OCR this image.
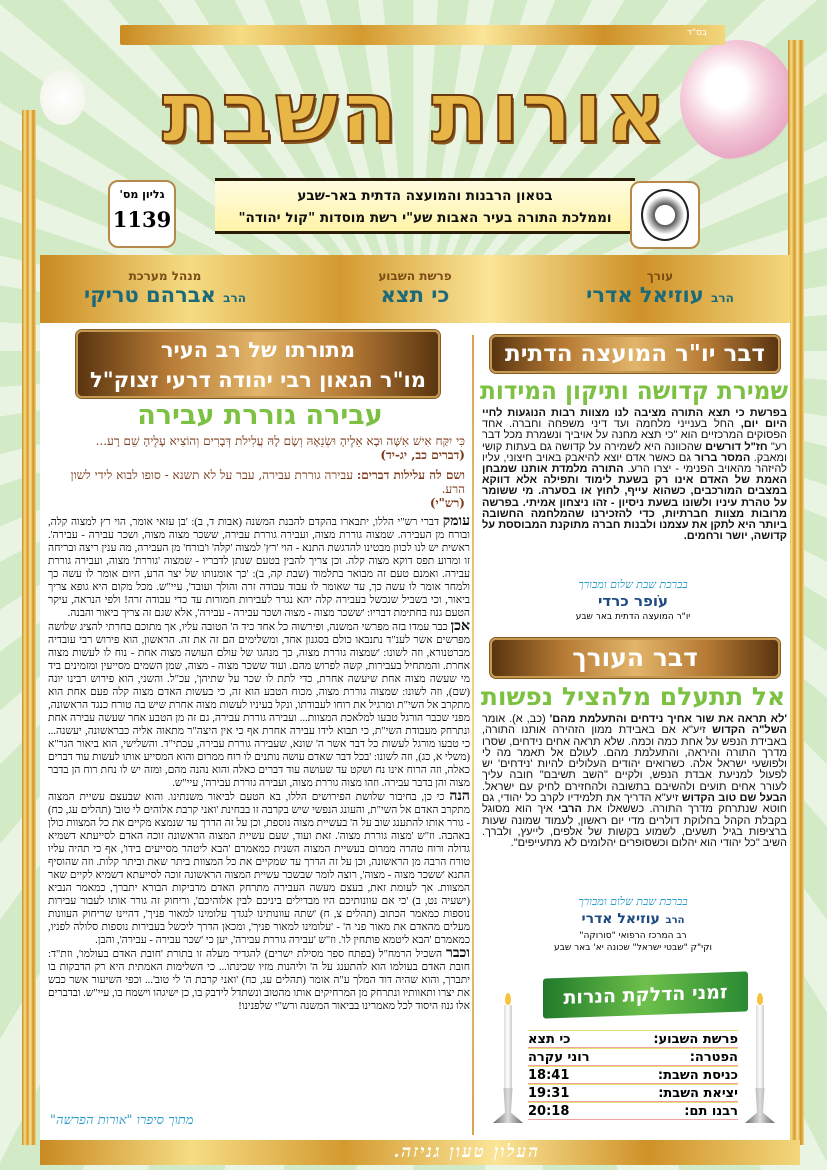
בס"ד
אורות השבת
בטאון הרבנות והמועצה הדתית באר-שבע
וממלכת התורה בעיר האבות שע"י רשת מוסדות "קול יהודה"
גליון מס'
1139
עורך
הרב עוזיאל אדרי
פרשת השבוע
כי תצא
מנהל מערכת
הרב אברהם טריקי
מתורתו של רב העיר
מו"ר הגאון רבי יהודה דרעי זצוק"ל
עבירה גוררת עבירה
כִּי יִקַּח אִישׁ אִשָּׁה וּבָא אֵלֶיהָ וּשְׂנֵאָהּ וְשָׂם לָהּ עֲלִילֹת דְּבָרִים וְהוֹצִיא עָלֶיהָ שֵׁם רָע...
(דברים כב, יג-יד)
ושם לה עלילות דברים: עבירה גוררת עבירה, עבר על לא תשנא - סופו לבוא לידי לשון הרע.
(רש"י)

עומק דברי רש"י הללו, יתבארו בהקדם להבנת המשנה (אבות ד, ב): 'בן עזאי אומר, הוי רץ למצוה קלה, ובורח מן העבירה. שמצוה גוררת מצוה, ועבירה גוררת עבירה, ששכר מצוה מצוה, ושכר עבירה - עבירה'. ראשית יש לנו לכוון מבטינו להדגשת התנא - הוי 'רץ' למצוה 'קלה' ו'בורח' מן העבירה, מה ענין ריצה ובריחה זו ומדוע תפס דוקא מצוה קלה. וכן צריך להבין בטעם שנתן לדבריו - שמצוה 'גוררת' מצוה, ועבירה גוררת עבירה. ואמנם טעם זה מבואר בתלמוד (שבת קה, ב): 'כך אומנותו של יצר הרע, היום אומר לו עשה כך ולמחר אומר לו עשה כך, עד שאומר לו עבוד עבודה זרה והולך ועובד', עיי"ש. מכל מקום היא גופא צריך ביאור, וכי בשביל שנכשל בעבירה קלה יהא נגרר לעבירות חמורות עד כדי עבודה זרה! ולפי הנראה, עיקר הטעם גנוז בחתימת דבריו: 'ששכר מצוה - מצוה ושכר עבירה - עבירה', אלא שגם זה צריך ביאור והבנה.

אכן כבר עמדו בזה מפרשי המשנה, ופירשוה כל אחד כיד ה' הטובה עליו, אך מתוכם בחרתי להציג שלושה מפרשים אשר לענ"ד נתנבאו כולם בסגנון אחד, ומשלימים הם זה את זה. הראשון, הוא פירוש רבי עובדיה מברטנורא, וזה לשונו: 'שמצוה גוררת מצוה, כך מנהגו של עולם העושה מצוה אחת - נוח לו לעשות מצוה אחרת. והמתחיל בעבירות, קשה לפרוש מהם. ועוד ששכר מצוה - מצוה, שמן השמים מסייעין ומזמינים ביד מי שעשה מצוה אחת שיעשה אחרת, כדי לתת לו שכר על שתיהן', עכ"ל. והשני, הוא פירוש רבינו יונה (שם), וזה לשונו: שמצוה גוררת מצוה, מכוח הטבע הוא זה, כי בעשות האדם מצוה קלה פעם אחת הוא מתקרב אל השי"ת ומרגיל את רוחו לעבודתו, ונקל בעיניו לעשות מצוה אחרת שיש בה טורח כנגד הראשונה, מפני שכבר הורגל טבעו למלאכת המצוות... ועבירה גוררת עבירה, גם זה מן הטבע אחר שעשה עבירה אחת ונתרחק מעבודת השי"ת, כי תבוא לידו עבירה אחרת אף כי אין היצה"ר מתאוה אליה כבראשונה, יעשנה... כי טבעו מורגל לעשות כל דבר אשר ה' שונא, שעבירה גוררת עבירה, עכתי"ד. והשלישי, הוא ביאור הגר"א (משלי א, כג), וזה לשונו: 'בכל דבר שאדם עושה נותנים לו רוח ממרום והוא המסייע אותו לעשות עוד דברים כאלה, וזה הרוח אינו נח ושקט עד שעושה עוד דברים כאלה והוא נהנה מהם, ומזה יש לו נחת רוח הן בדבר מצוה והן בדבר עבירה. וזהו מצוה גוררת מצוה, ועבירה גוררת עבירה', עיי"ש.

הנה כי כן, בחיבור שלושת הפירושים הללו, בא הטעם לביאור משנתינו. והוא שבעצם עשיית המצוה מתקרב האדם אל השי"ת, והעונג הנפשי שיש בקרבה זו בבחינת 'ואני קרבת אלוהים לי טוב' (תהלים עג, כח) - גורר אותו להתענג שוב על ה' בעשיית מצוה נוספת, וכן על זה הדרך עד שנמצא מקיים את כל המצוות כולן באהבה. וז"ש 'מצוה גוררת מצוה'. זאת ועוד, שעם עשיית המצוה הראשונה זוכה האדם לסייעתא דשמיא גדולה ורוח טהרה ממרום בעשיית המצוה השנית כמאמרם 'הבא ליטהר מסייעים בידו', אף כי תהיה עליו טורח הרבה מן הראשונה, וכן על זה הדרך עד שמקיים את כל המצוות ביתר שאת וביתר קלות. וזה שהוסיף התנא 'ששכר מצוה - מצוה', רוצה לומר שבשכר עשיית המצוה הראשונה זוכה לסייעתא דשמיא לקיים שאר המצוות. אך לעומת זאת, בעצם מעשה העבירה מתרחק האדם מדביקות הבורא יתברך, כמאמר הנביא (ישעיה נט, ב) 'כי אם עוונותיכם היו מבדילים ביניכם לבין אלוהיכם', וריחוק זה גורר אותו לעבור עבירות נוספות כמאמר הכתוב (תהלים צ, ח) 'שתה עוונותינו לנגדך עלומינו למאור פניך', דהיינו שריחוק העוונות מעלים מהאדם את מאור פני ה' - 'עלומינו למאור פניך', ומכאן הדרך ליכשל בעבירות נוספות סלולה לפניו, כמאמרם 'הבא ליטמא פותחין לו'. וז"ש 'עבירה גוררת עבירה', יען כי 'שכר עבירה - עבירה', והבן.

וכבר השכיל הרמח"ל (בפתח ספר מסילת ישרים) להגדיר מעלה זו בתורת 'חובת האדם בעולמו', וזת"ד: חובת האדם בעולמו הוא להתענג על ה' וליהנות מזיו שכינתו... כי השלימות האמתית היא רק הדבקות בו יתברך, והוא שהיה דוד המלך ע"ה אומר (תהלים עג, כח) 'ואני קרבת ה' לי טוב'... וכפי השיעור אשר כבש את יצרו ותאוותיו ונתרחק מן המרחיקים אותו מהטוב ונשתדל לידבק בו, כן ישיגהו וישמח בו, עיי"ש. ובדברים אלו גנוז היסוד לכל מאמרינו בביאור המשנה ורש"י שלפנינו!

מתוך סיפרו "אורות הפרשה"
דבר יו"ר המועצה הדתית
שמירת קדושה ותיקון המידות
בפרשת כי תצא התורה מציבה לנו מצוות רבות הנוגעות לחיי היום יום, החל בענייני מלחמה ועד דיני משפחה וחברה. אחד הפסוקים המרכזיים הוא "כי תצא מחנה על אויביך ונשמרת מכל דבר רע" חז"ל דורשים שהכוונה היא לשמירה על קדושה גם בעתות קושי ומאבק. המסר ברור גם כאשר אדם יוצא להיאבק באויב חיצוני, עליו להיזהר מהאויב הפנימי - יצרו הרע. התורה מלמדת אותנו שמבחן האמת של האדם אינו רק בשעת לימוד ותפילה אלא דווקא במצבים המורכבים, כשהוא עייף, לחוץ או בסערה. מי ששומר על טהרת עיניו ולשונו בשעת ניסיון - זהו ניצחון אמיתי. בפרשה מרובות מצוות חברתיות, כדי להזכירנו שהמלחמה החשובה ביותר היא לתקן את עצמנו ולבנות חברה מתוקנת המבוססת על קדושה, יושר ורחמים.
בברכת שבת שלום ומבורך
עֹופר כרדי
יו"ר המועצה הדתית באר שבע
דבר העורך
אל תתעלם מלהציל נפשות
'לא תראה את שור אחיך נידחים והתעלמת מהם' (כב, א). אומר השל"ה הקדוש זיע"א אם באבידת ממון הזהירה אותנו התורה, באבידת הנפש על אחת כמה וכמה. שלא תראה אחים נידחים, שסרו מדרך התורה והיראה, והתעלמת מהם. לעולם אל תאמר מה לי ולפושעי ישראל אלה. כשרואים יהודים העלולים להיות 'נידחים' יש לפעול למניעת אבדת הנפש, ולקיים "השב תשיבם" חובה עליך לעורר אחים תועים ולהשיבם בתשובה ולהחזירם לחיק עם ישראל. הבעל שם טוב הקדוש זיע"א הדריך את תלמידיו לקרב כל יהודי, גם חוטא שנתרחק מדרך התורה. כששאלו את הרבי איך הוא מסוגל בקבלת הקהל בחלוקת דולרים מדי יום ראשון, לעמוד שמונה שעות ברציפות בגיל תשעים, לשמוע בקשות של אלפים, לייעץ, ולברך. השיב "כל יהודי הוא יהלום וכשסופרים יהלומים לא מתעייפים".
בברכת שבת שלום ומבורך
הרב עוזיאל אדרי
רב המרכז הרפואי "סורוקה"
וקי"ק "שבטי ישראל" שכונה יא' באר שבע
זמני הדלקת הנרות
פרשת השבוע:
כי תצא
הפטרה:
רוני עקרה
כניסת השבת:
18:41
יציאת השבת:
19:31
רבנו תם:
20:18
העלון טעון גניזה.
